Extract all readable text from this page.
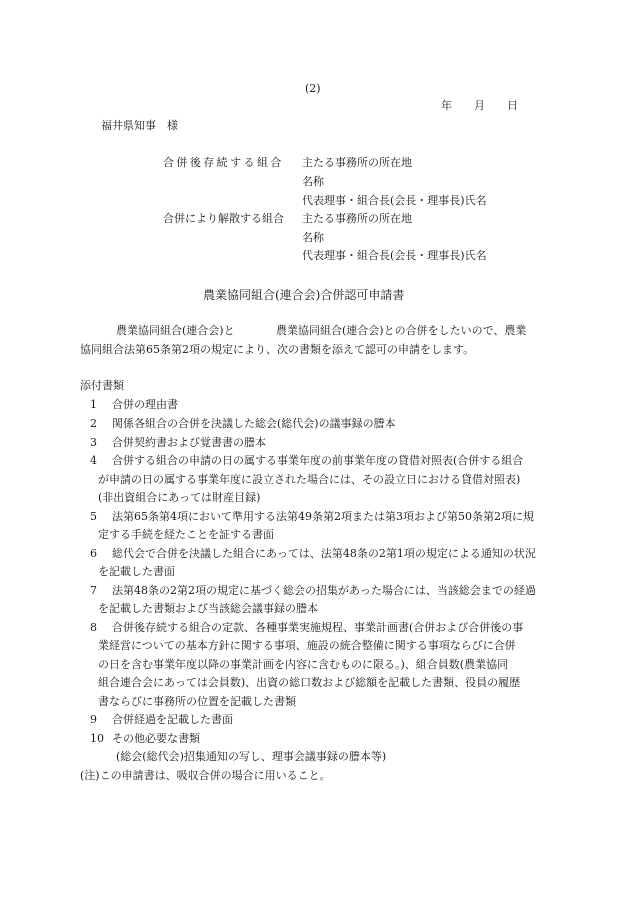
(2)
年　　月　　日
福井県知事　様
合併後存続する組合 主たる事務所の所在地
名称
代表理事・組合長(会長・理事長)氏名
合併により解散する組合 主たる事務所の所在地
名称
代表理事・組合長(会長・理事長)氏名
農業協同組合(連合会)合併認可申請書
農業協同組合(連合会)と	農業協同組合(連合会)との合併をしたいので、農業
協同組合法第65条第2項の規定により、次の書類を添えて認可の申請をします。
添付書類
1 合併の理由書
2 関係各組合の合併を決議した総会(総代会)の議事録の謄本
3 合併契約書および覚書書の謄本
4 合併する組合の申請の日の属する事業年度の前事業年度の貸借対照表(合併する組合
が申請の日の属する事業年度に設立された場合には、その設立日における貸借対照表)
(非出資組合にあっては財産目録)
5 法第65条第4項において準用する法第49条第2項または第3項および第50条第2項に規
定する手続を経たことを証する書面
6 総代会で合併を決議した組合にあっては、法第48条の2第1項の規定による通知の状況
を記載した書面
7 法第48条の2第2項の規定に基づく総会の招集があった場合には、当該総会までの経過
を記載した書類および当該総会議事録の謄本
8 合併後存続する組合の定款、各種事業実施規程、事業計画書(合併および合併後の事
業経営についての基本方針に関する事項、施設の統合整備に関する事項ならびに合併
の日を含む事業年度以降の事業計画を内容に含むものに限る。)、組合員数(農業協同
組合連合会にあっては会員数)、出資の総口数および総額を記載した書類、役員の履歴
書ならびに事務所の位置を記載した書類
9 合併経過を記載した書面
10 その他必要な書類
(総会(総代会)招集通知の写し、理事会議事録の謄本等)
(注)この申請書は、吸収合併の場合に用いること。
